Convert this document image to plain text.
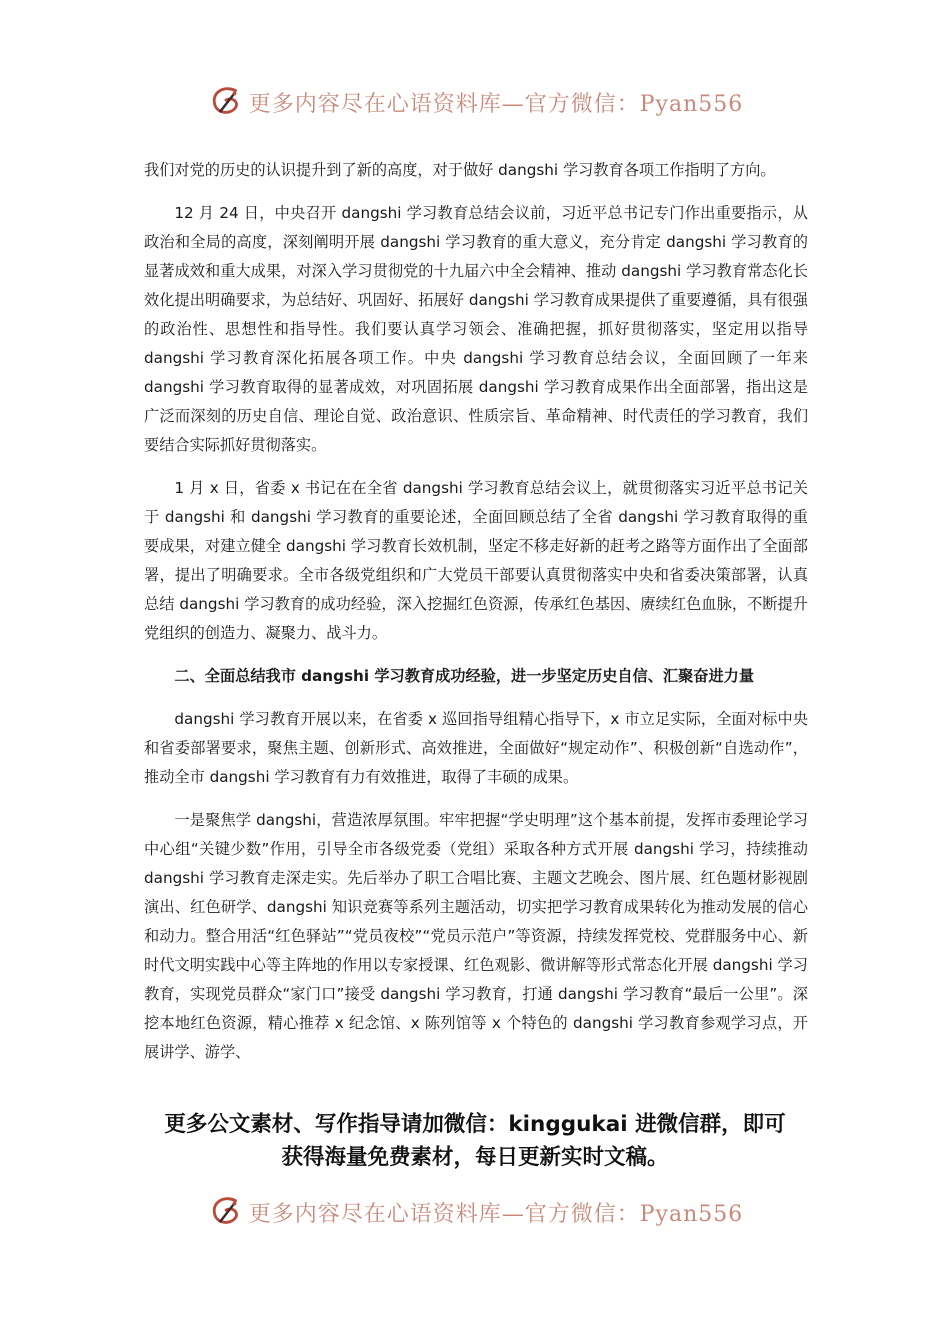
更多内容尽在心语资料库—官方微信：Pyan556

我们对党的历史的认识提升到了新的高度，对于做好 dangshi 学习教育各项工作指明了方向。

12 月 24 日，中央召开 dangshi 学习教育总结会议前，习近平总书记专门作出重要指示，从政治和全局的高度，深刻阐明开展 dangshi 学习教育的重大意义，充分肯定 dangshi 学习教育的显著成效和重大成果，对深入学习贯彻党的十九届六中全会精神、推动 dangshi 学习教育常态化长效化提出明确要求，为总结好、巩固好、拓展好 dangshi 学习教育成果提供了重要遵循，具有很强的政治性、思想性和指导性。我们要认真学习领会、准确把握，抓好贯彻落实，坚定用以指导 dangshi 学习教育深化拓展各项工作。中央 dangshi 学习教育总结会议，全面回顾了一年来 dangshi 学习教育取得的显著成效，对巩固拓展 dangshi 学习教育成果作出全面部署，指出这是广泛而深刻的历史自信、理论自觉、政治意识、性质宗旨、革命精神、时代责任的学习教育，我们要结合实际抓好贯彻落实。

1 月 x 日，省委 x 书记在在全省 dangshi 学习教育总结会议上，就贯彻落实习近平总书记关于 dangshi 和 dangshi 学习教育的重要论述，全面回顾总结了全省 dangshi 学习教育取得的重要成果，对建立健全 dangshi 学习教育长效机制，坚定不移走好新的赶考之路等方面作出了全面部署，提出了明确要求。全市各级党组织和广大党员干部要认真贯彻落实中央和省委决策部署，认真总结 dangshi 学习教育的成功经验，深入挖掘红色资源，传承红色基因、赓续红色血脉，不断提升党组织的创造力、凝聚力、战斗力。

二、全面总结我市 dangshi 学习教育成功经验，进一步坚定历史自信、汇聚奋进力量

dangshi 学习教育开展以来，在省委 x 巡回指导组精心指导下，x 市立足实际，全面对标中央和省委部署要求，聚焦主题、创新形式、高效推进，全面做好“规定动作”、积极创新“自选动作”，推动全市 dangshi 学习教育有力有效推进，取得了丰硕的成果。

一是聚焦学 dangshi，营造浓厚氛围。牢牢把握“学史明理”这个基本前提，发挥市委理论学习中心组“关键少数”作用，引导全市各级党委（党组）采取各种方式开展 dangshi 学习，持续推动 dangshi 学习教育走深走实。先后举办了职工合唱比赛、主题文艺晚会、图片展、红色题材影视剧演出、红色研学、dangshi 知识竞赛等系列主题活动，切实把学习教育成果转化为推动发展的信心和动力。整合用活“红色驿站”“党员夜校”“党员示范户”等资源，持续发挥党校、党群服务中心、新时代文明实践中心等主阵地的作用以专家授课、红色观影、微讲解等形式常态化开展 dangshi 学习教育，实现党员群众“家门口”接受 dangshi 学习教育，打通 dangshi 学习教育“最后一公里”。深挖本地红色资源，精心推荐 x 纪念馆、x 陈列馆等 x 个特色的 dangshi 学习教育参观学习点，开展讲学、游学、

更多公文素材、写作指导请加微信：kinggukai 进微信群，即可
获得海量免费素材，每日更新实时文稿。
更多内容尽在心语资料库—官方微信：Pyan556
